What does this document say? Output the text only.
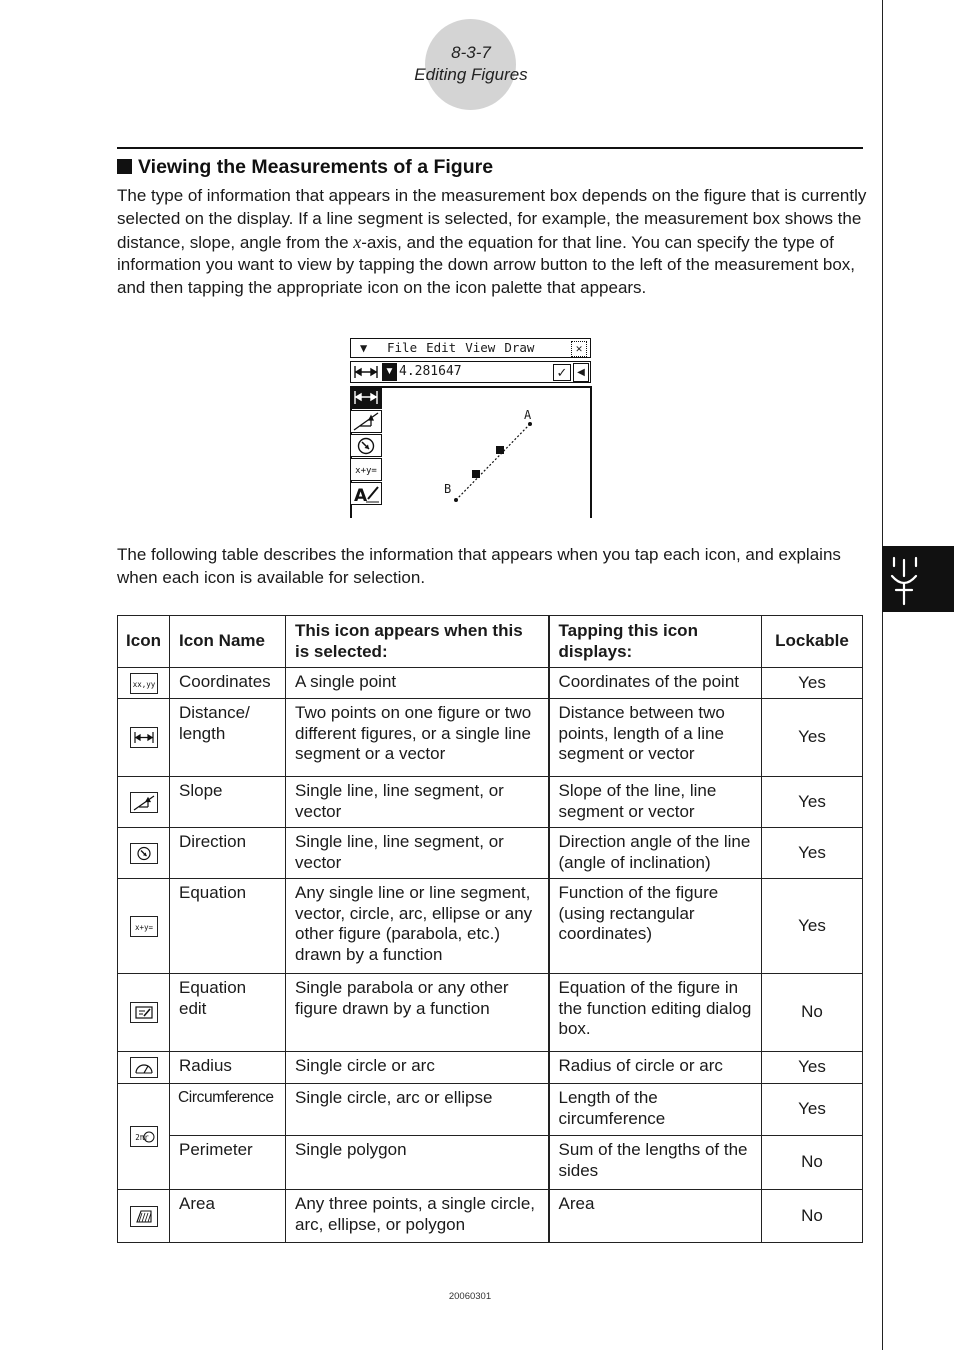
8-3-7
Editing Figures
Viewing the Measurements of a Figure

The type of information that appears in the measurement box depends on the figure that is currently selected on the display. If a line segment is selected, for example, the measurement box shows the distance, slope, angle from the x-axis, and the equation for that line. You can specify the type of information you want to view by tapping the down arrow button to the left of the measurement box, and then tapping the appropriate icon on the icon palette that appears.

▼ File Edit View Draw	✕
▼ 4.281647	✓ ◀
A
B
x+y=
A

The following table describes the information that appears when you tap each icon, and explains when each icon is available for selection.

Icon	Icon Name	This icon appears when this is selected:	Tapping this icon displays:	Lockable

xx,yy	Coordinates	A single point	Coordinates of the point	Yes
	Distance/ length	Two points on one figure or two different figures, or a single line segment or a vector	Distance between two points, length of a line segment or vector	Yes
	Slope	Single line, line segment, or vector	Slope of the line, line segment or vector	Yes
	Direction	Single line, line segment, or vector	Direction angle of the line (angle of inclination)	Yes

x+y=	Equation	Any single line or line segment, vector, circle, arc, ellipse or any other figure (parabola, etc.) drawn by a function	Function of the figure (using rectangular coordinates)	Yes
	Equation edit	Single parabola or any other figure drawn by a function	Equation of the figure in the function editing dialog box.	No
	Radius	Single circle or arc	Radius of circle or arc	Yes

2πr	Circumference	Single circle, arc or ellipse	Length of the circumference	Yes
	Perimeter	Single polygon	Sum of the lengths of the sides	No
	Area	Any three points, a single circle, arc, ellipse, or polygon	Area	No
20060301
